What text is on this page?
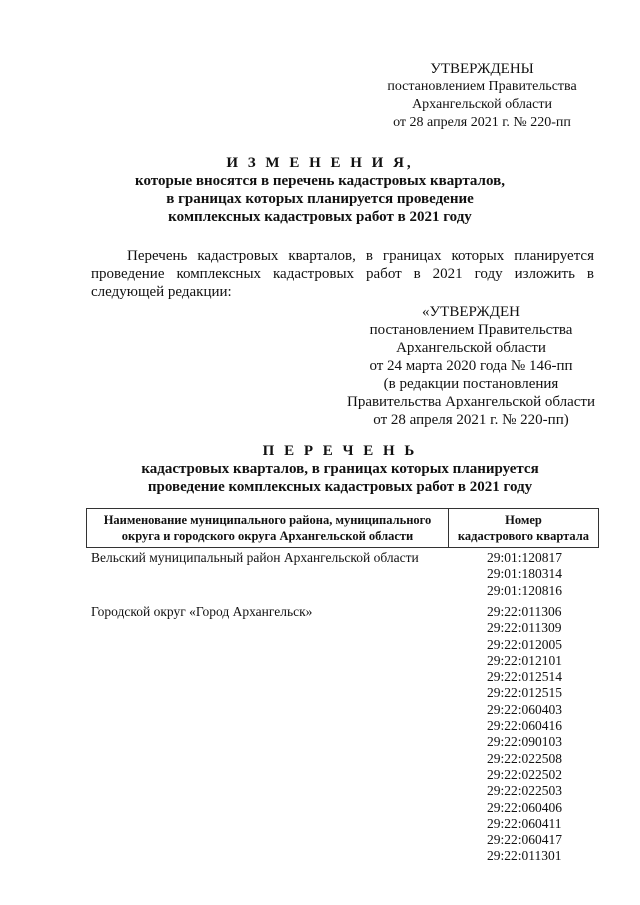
УТВЕРЖДЕНЫ
постановлением Правительства
Архангельской области
от 28 апреля 2021 г. № 220-пп
И З М Е Н Е Н И Я,
которые вносятся в перечень кадастровых кварталов,
в границах которых планируется проведение
комплексных кадастровых работ в 2021 году
Перечень кадастровых кварталов, в границах которых планируется проведение комплексных кадастровых работ в 2021 году изложить в следующей редакции:
«УТВЕРЖДЕН
постановлением Правительства
Архангельской области
от 24 марта 2020 года № 146-пп
(в редакции постановления
Правительства Архангельской области
от 28 апреля 2021 г. № 220-пп)
П Е Р Е Ч Е Н Ь
кадастровых кварталов, в границах которых планируется
проведение комплексных кадастровых работ в 2021 году
Наименование муниципального района, муниципального
округа и городского округа Архангельской области
Номер
кадастрового квартала
Вельский муниципальный район Архангельской области	29:01:120817
29:01:180314
29:01:120816
Городской округ «Город Архангельск»	29:22:011306
29:22:011309
29:22:012005
29:22:012101
29:22:012514
29:22:012515
29:22:060403
29:22:060416
29:22:090103
29:22:022508
29:22:022502
29:22:022503
29:22:060406
29:22:060411
29:22:060417
29:22:011301
